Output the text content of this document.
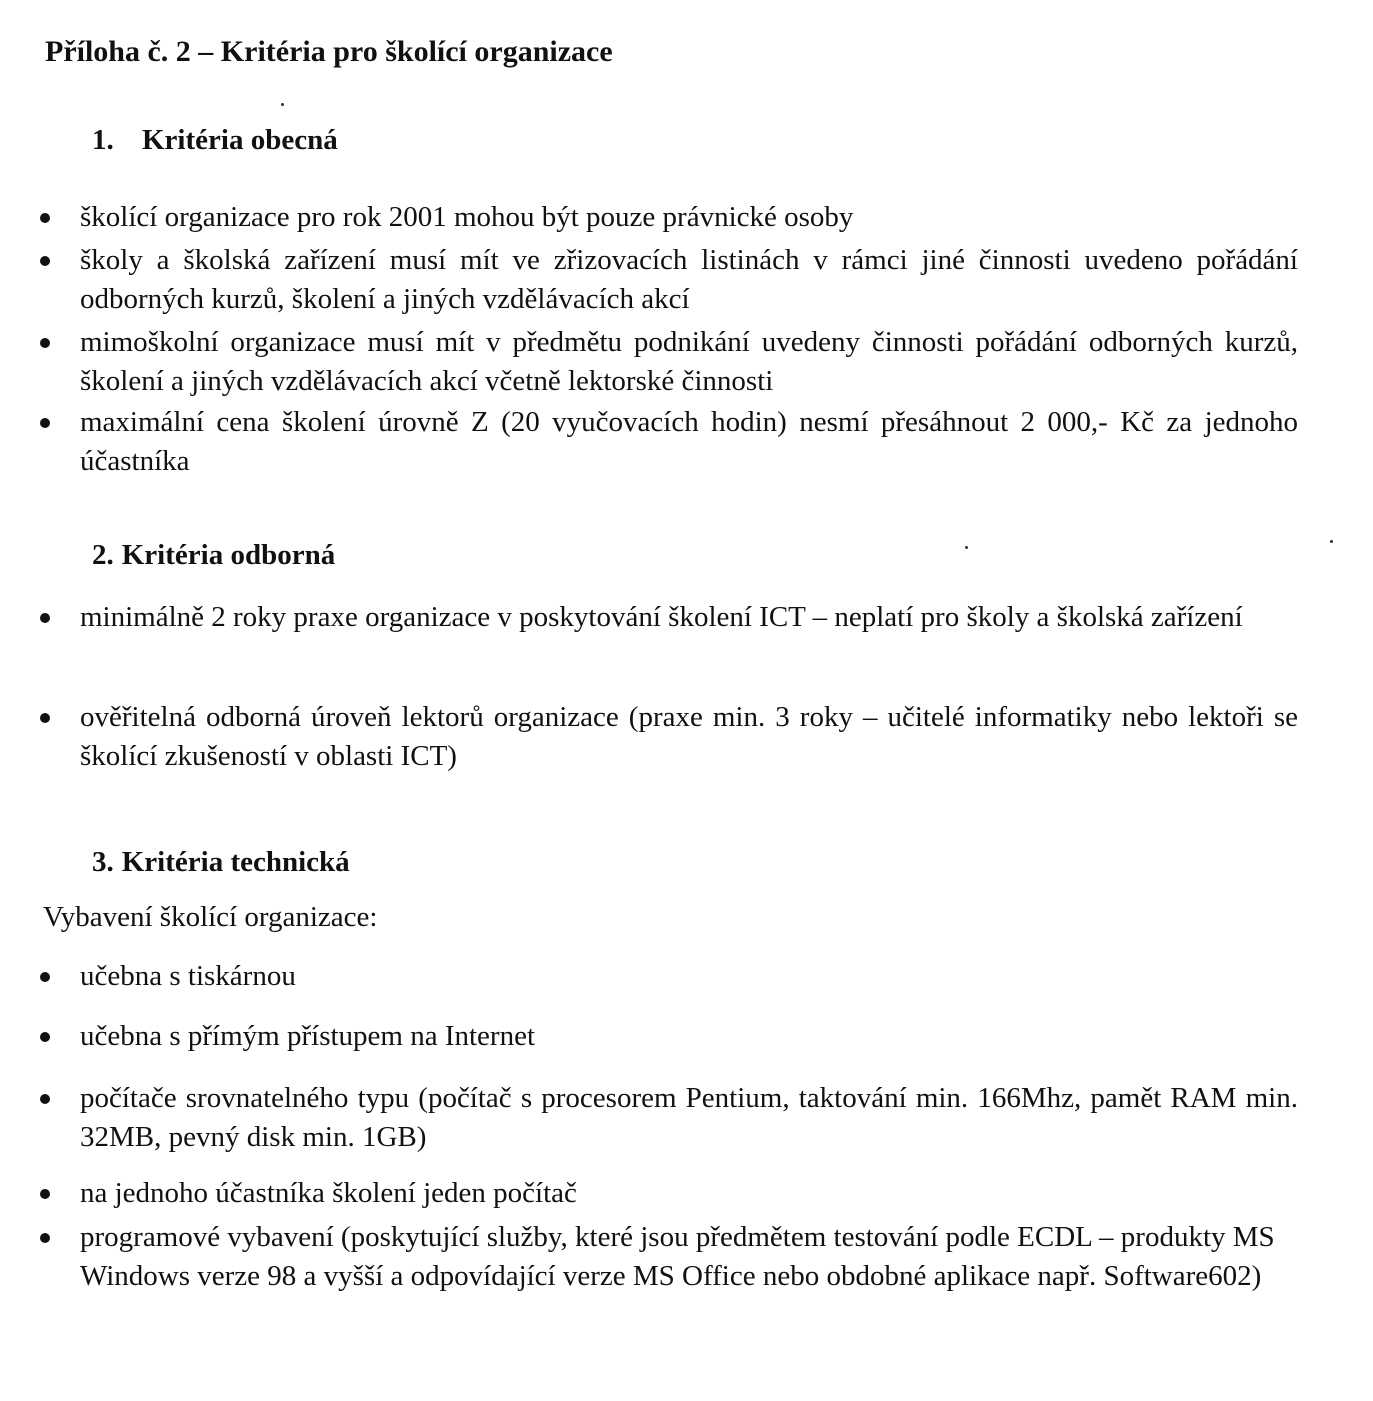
Příloha č. 2 – Kritéria pro školící organizace
1. Kritéria obecná
školící organizace pro rok 2001 mohou být pouze právnické osoby
školy a školská zařízení musí mít ve zřizovacích listinách v rámci jiné činnosti uvedeno pořádání odborných kurzů, školení a jiných vzdělávacích akcí
mimoškolní organizace musí mít v předmětu podnikání uvedeny činnosti pořádání odborných kurzů, školení a jiných vzdělávacích akcí včetně lektorské činnosti
maximální cena školení úrovně Z (20 vyučovacích hodin) nesmí přesáhnout 2 000,- Kč za jednoho účastníka
2. Kritéria odborná
minimálně 2 roky praxe organizace v poskytování školení ICT – neplatí pro školy a školská zařízení
ověřitelná odborná úroveň lektorů organizace (praxe min. 3 roky – učitelé informatiky nebo lektoři se školící zkušeností v oblasti ICT)
3. Kritéria technická
Vybavení školící organizace:
učebna s tiskárnou
učebna s přímým přístupem na Internet
počítače srovnatelného typu (počítač s procesorem Pentium, taktování min. 166Mhz, pamět RAM min. 32MB, pevný disk min. 1GB)
na jednoho účastníka školení jeden počítač
programové vybavení (poskytující služby, které jsou předmětem testování podle ECDL – produkty MS Windows verze 98 a vyšší a odpovídající verze MS Office nebo obdobné aplikace např. Software602)
